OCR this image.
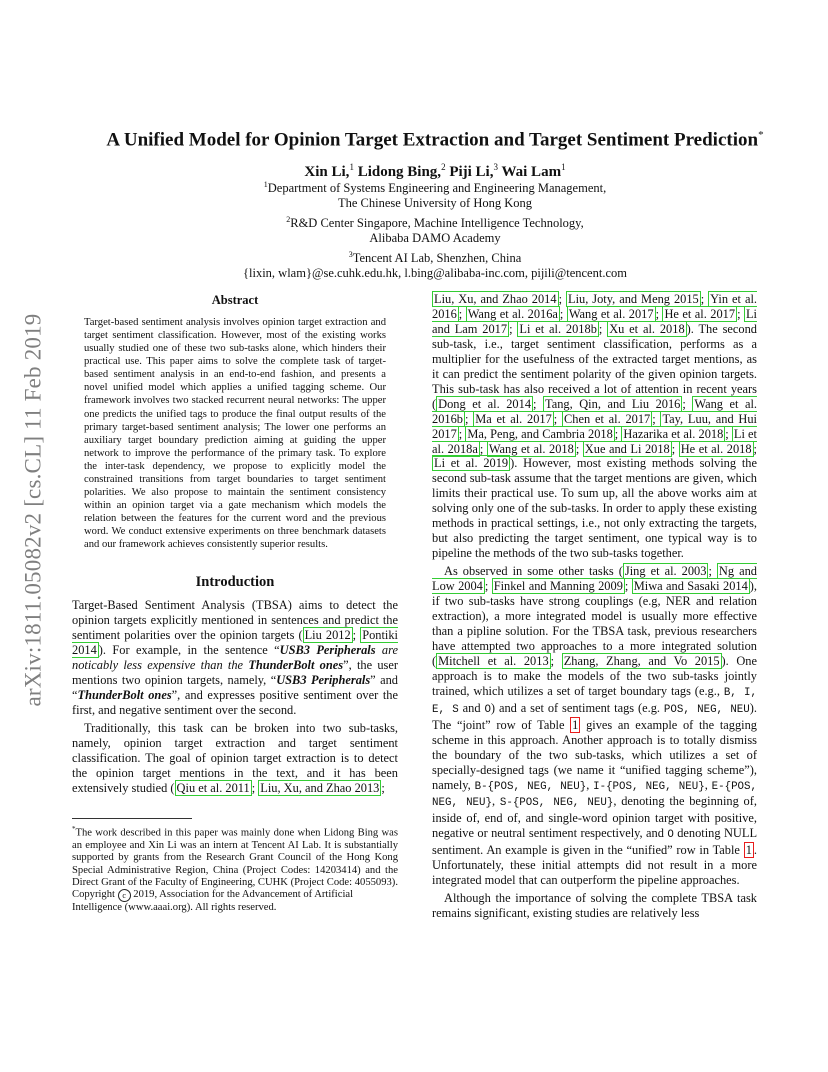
arXiv:1811.05082v2 [cs.CL] 11 Feb 2019
A Unified Model for Opinion Target Extraction and Target Sentiment Prediction*
Xin Li,$^1$ Lidong Bing,$^2$ Piji Li,$^3$ Wai Lam$^1$
$^1$Department of Systems Engineering and Engineering Management,
The Chinese University of Hong Kong
$^2$R&D Center Singapore, Machine Intelligence Technology,
Alibaba DAMO Academy
$^3$Tencent AI Lab, Shenzhen, China
{lixin, wlam}@se.cuhk.edu.hk, l.bing@alibaba-inc.com, pijili@tencent.com
Abstract

Target-based sentiment analysis involves opinion target extraction and target sentiment classification. However, most of the existing works usually studied one of these two sub-tasks alone, which hinders their practical use. This paper aims to solve the complete task of target-based sentiment analysis in an end-to-end fashion, and presents a novel unified model which applies a unified tagging scheme. Our framework involves two stacked recurrent neural networks: The upper one predicts the unified tags to produce the final output results of the primary target-based sentiment analysis; The lower one performs an auxiliary target boundary prediction aiming at guiding the upper network to improve the performance of the primary task. To explore the inter-task dependency, we propose to explicitly model the constrained transitions from target boundaries to target sentiment polarities. We also propose to maintain the sentiment consistency within an opinion target via a gate mechanism which models the relation between the features for the current word and the previous word. We conduct extensive experiments on three benchmark datasets and our framework achieves consistently superior results.

Introduction

Target-Based Sentiment Analysis (TBSA) aims to detect the opinion targets explicitly mentioned in sentences and predict the sentiment polarities over the opinion targets ( Liu 2012 ; Pontiki 2014 ). For example, in the sentence “USB3 Peripherals are noticably less expensive than the ThunderBolt ones”, the user mentions two opinion targets, namely, “USB3 Peripherals” and “ThunderBolt ones”, and expresses positive sentiment over the first, and negative sentiment over the second.

Traditionally, this task can be broken into two sub-tasks, namely, opinion target extraction and target sentiment classification. The goal of opinion target extraction is to detect the opinion target mentions in the text, and it has been extensively studied ( Qiu et al. 2011 ; Liu, Xu, and Zhao 2013 ;

*The work described in this paper was mainly done when Lidong Bing was an employee and Xin Li was an intern at Tencent AI Lab. It is substantially supported by grants from the Research Grant Council of the Hong Kong Special Administrative Region, China (Project Codes: 14203414) and the Direct Grant of the Faculty of Engineering, CUHK (Project Code: 4055093).

Copyright c 2019, Association for the Advancement of Artificial Intelligence (www.aaai.org). All rights reserved.

Liu, Xu, and Zhao 2014 ; Liu, Joty, and Meng 2015 ; Yin et al. 2016 ; Wang et al. 2016a ; Wang et al. 2017 ; He et al. 2017 ; Li and Lam 2017 ; Li et al. 2018b ; Xu et al. 2018 ). The second sub-task, i.e., target sentiment classification, performs as a multiplier for the usefulness of the extracted target mentions, as it can predict the sentiment polarity of the given opinion targets. This sub-task has also received a lot of attention in recent years ( Dong et al. 2014 ; Tang, Qin, and Liu 2016 ; Wang et al. 2016b ; Ma et al. 2017 ; Chen et al. 2017 ; Tay, Luu, and Hui 2017 ; Ma, Peng, and Cambria 2018 ; Hazarika et al. 2018 ; Li et al. 2018a ; Wang et al. 2018 ; Xue and Li 2018 ; He et al. 2018 ; Li et al. 2019 ). However, most existing methods solving the second sub-task assume that the target mentions are given, which limits their practical use. To sum up, all the above works aim at solving only one of the sub-tasks. In order to apply these existing methods in practical settings, i.e., not only extracting the targets, but also predicting the target sentiment, one typical way is to pipeline the methods of the two sub-tasks together.

As observed in some other tasks ( Jing et al. 2003 ; Ng and Low 2004 ; Finkel and Manning 2009 ; Miwa and Sasaki 2014 ), if two sub-tasks have strong couplings (e.g, NER and relation extraction), a more integrated model is usually more effective than a pipline solution. For the TBSA task, previous researchers have attempted two approaches to a more integrated solution ( Mitchell et al. 2013 ; Zhang, Zhang, and Vo 2015 ). One approach is to make the models of the two sub-tasks jointly trained, which utilizes a set of target boundary tags (e.g., B, I, E, S and O) and a set of sentiment tags (e.g. POS, NEG, NEU). The “joint” row of Table 1 gives an example of the tagging scheme in this approach. Another approach is to totally dismiss the boundary of the two sub-tasks, which utilizes a set of specially-designed tags (we name it “unified tagging scheme”), namely, B-{POS, NEG, NEU}, I-{POS, NEG, NEU}, E-{POS, NEG, NEU}, S-{POS, NEG, NEU}, denoting the beginning of, inside of, end of, and single-word opinion target with positive, negative or neutral sentiment respectively, and O denoting NULL sentiment. An example is given in the “unified” row in Table 1 . Unfortunately, these initial attempts did not result in a more integrated model that can outperform the pipeline approaches.

Although the importance of solving the complete TBSA task remains significant, existing studies are relatively less
